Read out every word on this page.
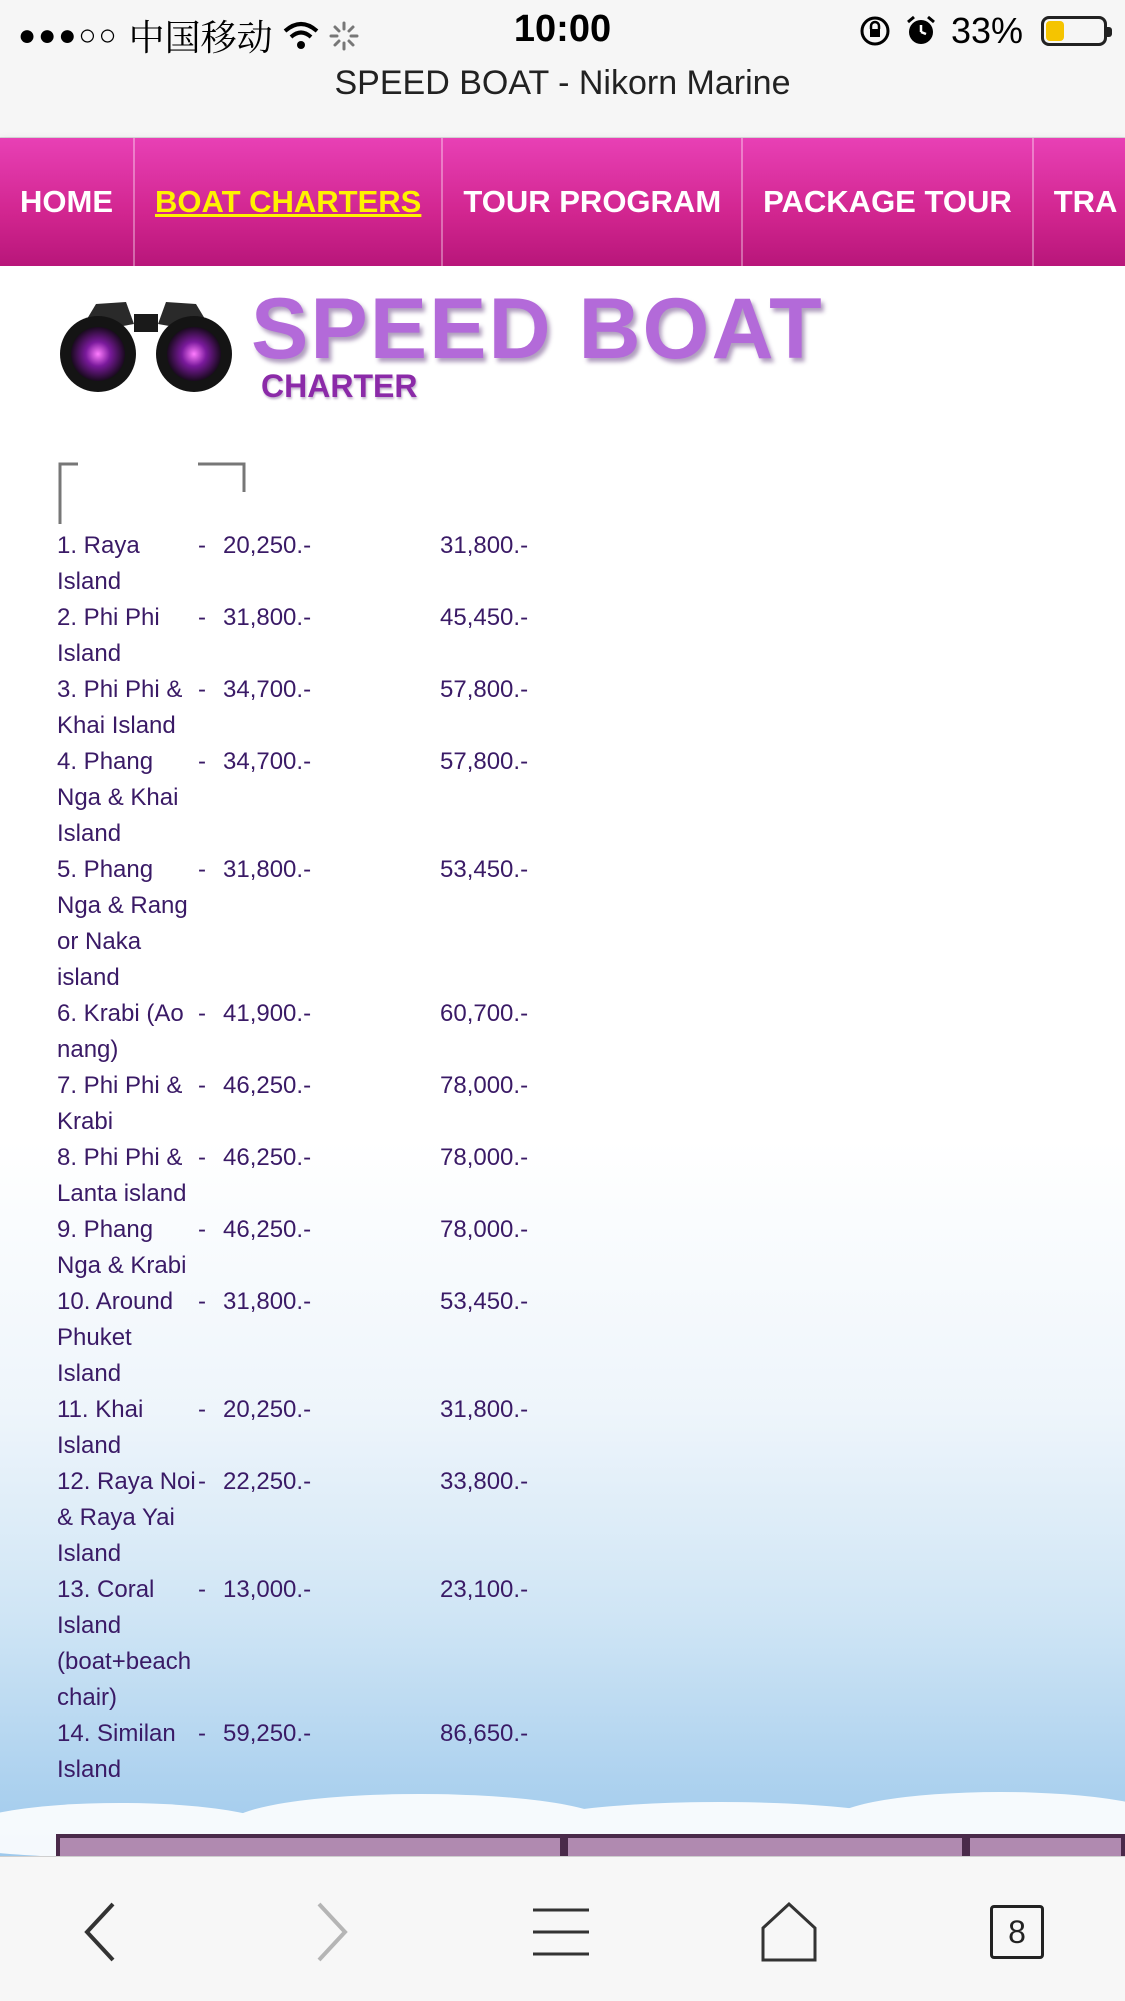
●●●○○ 中国移动	10:00	33%
SPEED BOAT - Nikorn Marine
HOME	BOAT CHARTERS	TOUR PROGRAM	PACKAGE TOUR	TRA
SPEED BOAT
CHARTER
1. Raya Island
- 20,250.-	31,800.-
2. Phi Phi Island
- 31,800.-	45,450.-
3. Phi Phi & Khai Island
- 34,700.-	57,800.-
4. Phang Nga & Khai Island
- 34,700.-	57,800.-
5. Phang Nga & Rang or Naka island
- 31,800.-	53,450.-
6. Krabi (Ao nang)
- 41,900.-	60,700.-
7. Phi Phi & Krabi
- 46,250.-	78,000.-
8. Phi Phi & Lanta island
- 46,250.-	78,000.-
9. Phang Nga & Krabi
- 46,250.-	78,000.-
10. Around Phuket Island
- 31,800.-	53,450.-
11. Khai Island
- 20,250.-	31,800.-
12. Raya Noi & Raya Yai Island
- 22,250.-	33,800.-
13. Coral Island (boat+beach chair)
- 13,000.-	23,100.-
14. Similan Island
- 59,250.-	86,650.-
8
